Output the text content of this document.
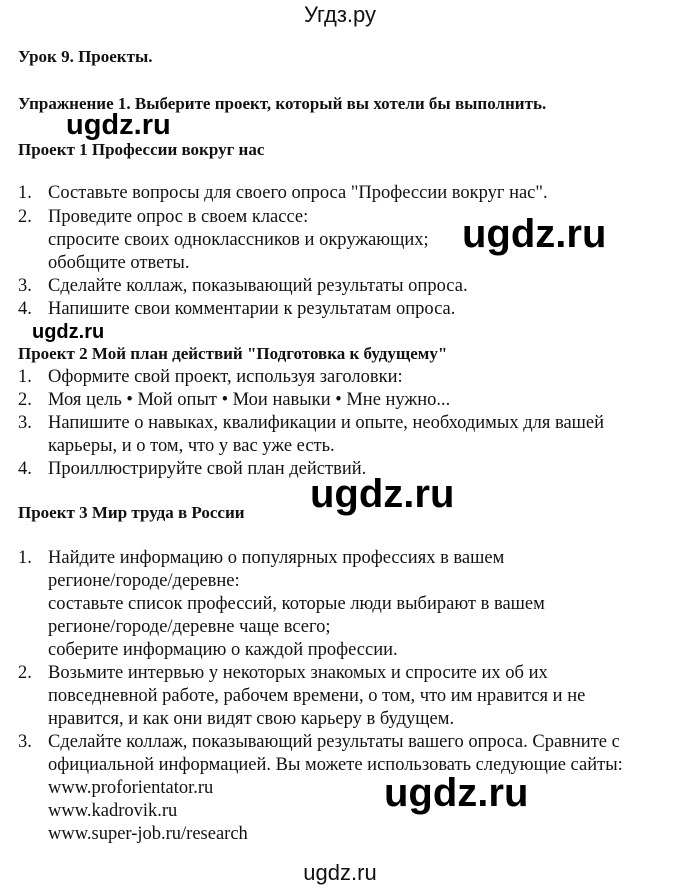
Угдз.ру
Урок 9. Проекты.
Упражнение 1. Выберите проект, который вы хотели бы выполнить.
ugdz.ru
Проект 1 Профессии вокруг нас
1. Составьте вопросы для своего опроса "Профессии вокруг нас".
2. Проведите опрос в своем классе:
спросите своих одноклассников и окружающих;
обобщите ответы.
3. Сделайте коллаж, показывающий результаты опроса.
4. Напишите свои комментарии к результатам опроса.
ugdz.ru
ugdz.ru
Проект 2 Мой план действий "Подготовка к будущему"
1. Оформите свой проект, используя заголовки:
2. Моя цель • Мой опыт • Мои навыки • Мне нужно...
3. Напишите о навыках, квалификации и опыте, необходимых для вашей
карьеры, и о том, что у вас уже есть.
4. Проиллюстрируйте свой план действий.
ugdz.ru
Проект 3 Мир труда в России
1. Найдите информацию о популярных профессиях в вашем
регионе/городе/деревне:
составьте список профессий, которые люди выбирают в вашем
регионе/городе/деревне чаще всего;
соберите информацию о каждой профессии.
2. Возьмите интервью у некоторых знакомых и спросите их об их
повседневной работе, рабочем времени, о том, что им нравится и не
нравится, и как они видят свою карьеру в будущем.
3. Сделайте коллаж, показывающий результаты вашего опроса. Сравните с
официальной информацией. Вы можете использовать следующие сайты:
www.proforientator.ru
www.kadrovik.ru
www.super-job.ru/research
ugdz.ru
ugdz.ru
